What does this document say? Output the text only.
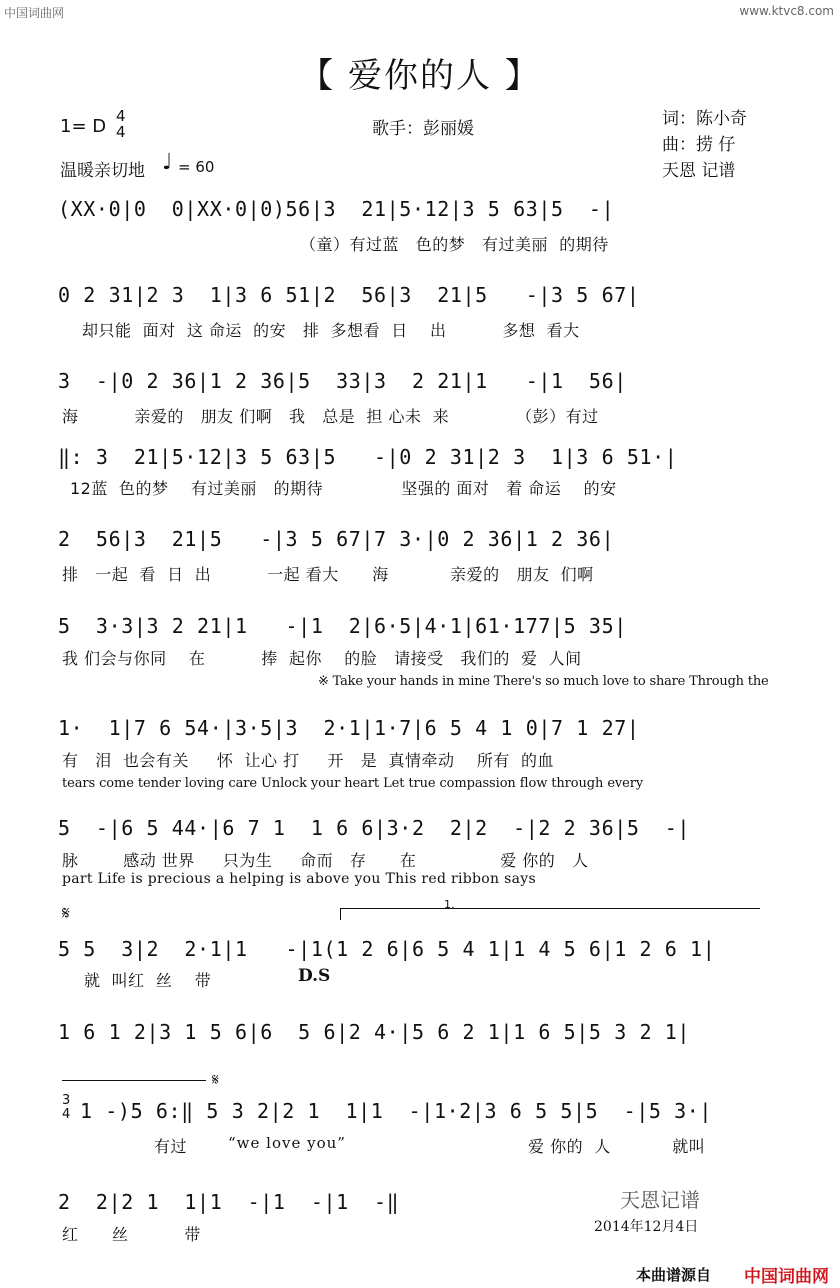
中国词曲网	www.ktvc8.com
【 爱你的人 】
1= D 4
4	歌手：彭丽媛	词：陈小奇
曲：捞 仔
温暖亲切地 ♩ = 60	天恩 记谱
(XX·0|0  0|XX·0|0)56|3  21|5·12|3 5 63|5  -|
（童）有过蓝   色的梦   有过美丽  的期待
0 2 31|2 3  1|3 6 51|2  56|3  21|5   -|3 5 67|
却只能  面对  这 命运  的安   排  多想看  日    出          多想  看大
3  -|0 2 36|1 2 36|5  33|3  2 21|1   -|1  56|
海          亲爱的   朋友 们啊   我   总是  担 心未  来            （彭）有过
‖: 3  21|5·12|3 5 63|5   -|0 2 31|2 3  1|3 6 51·|
12蓝  色的梦    有过美丽   的期待              坚强的 面对   着 命运    的安
2  56|3  21|5   -|3 5 67|7 3·|0 2 36|1 2 36|
排   一起  看  日  出          一起 看大      海           亲爱的   朋友  们啊
5  3·3|3 2 21|1   -|1  2|6·5|4·1|61·177|5 35|
我 们会与你同    在          捧  起你    的脸   请接受   我们的  爱  人间
※ Take your hands in mine There's so much love to share Through the
1·  1|7 6 54·|3·5|3  2·1|1·7|6 5 4 1 0|7 1 27|
有   泪  也会有关     怀  让心 打     开   是  真情牵动    所有  的血
tears come tender loving care Unlock your heart Let true compassion flow through every
5  -|6 5 44·|6 7 1  1 6 6|3·2  2|2  -|2 2 36|5  -|
脉        感动 世界     只为生     命而   存      在               爱 你的   人
part Life is precious a helping is above you This red ribbon says
𝄋	1.
5 5  3|2  2·1|1   -|1(1 2 6|6 5 4 1|1 4 5 6|1 2 6 1|
就  叫红  丝    带	D.S
1 6 1 2|3 1 5 6|6  5 6|2 4·|5 6 2 1|1 6 5|5 3 2 1|
𝄋
3
4 1 -)5 6:‖ 5 3 2|2 1  1|1  -|1·2|3 6 5 5|5  -|5 3·|
有过	“we love you”	爱 你的  人           就叫
2  2|2 1  1|1  -|1  -|1  -‖
红      丝          带
天恩记谱
2014年12月4日
本曲谱源自 中国词曲网
